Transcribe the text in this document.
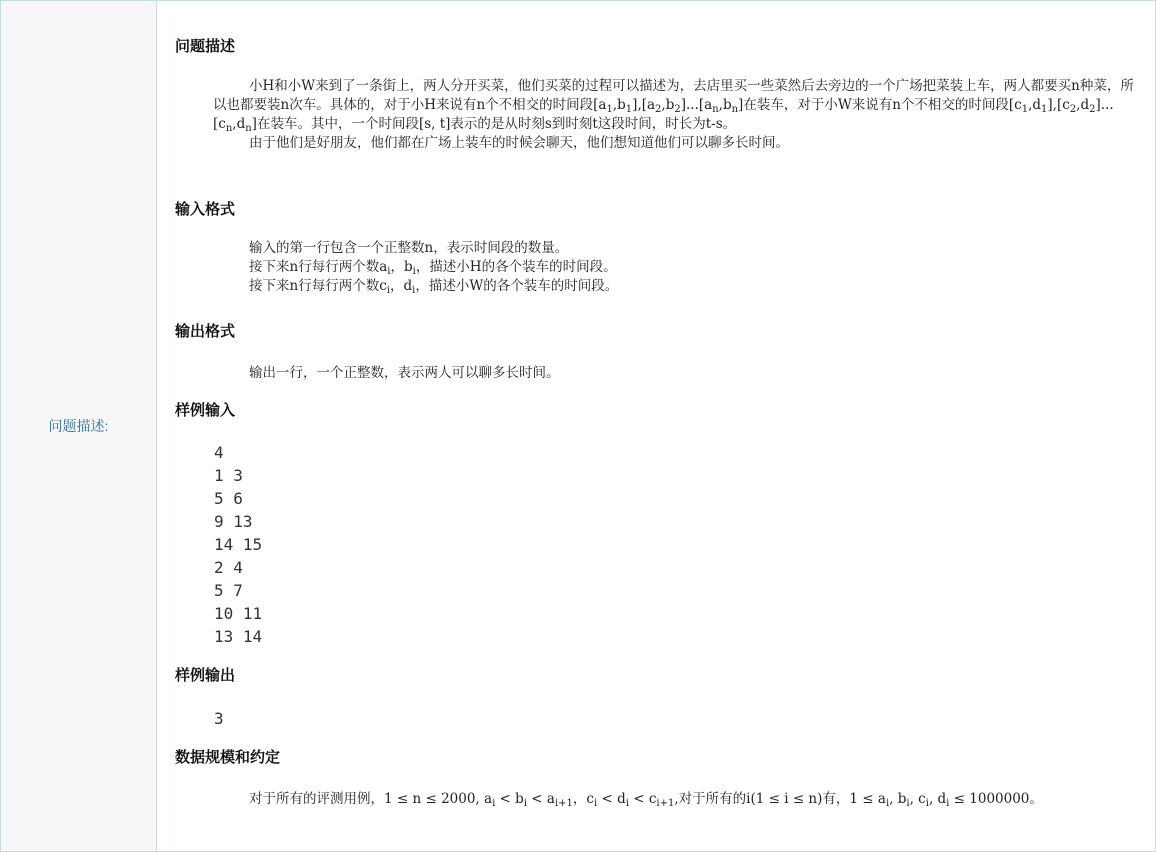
问题描述:
问题描述

小H和小W来到了一条街上，两人分开买菜，他们买菜的过程可以描述为，去店里买一些菜然后去旁边的一个广场把菜装上车，两人都要买n种菜，所以也都要装n次车。具体的，对于小H来说有n个不相交的时间段$[a_1,b_1],[a_2,b_2]...[a_n,b_n]$在装车，对于小W来说有n个不相交的时间段$[c_1,d_1],[c_2,d_2]...[c_n,d_n]$在装车。其中，一个时间段[s, t]表示的是从时刻s到时刻t这段时间，时长为t-s。

由于他们是好朋友，他们都在广场上装车的时候会聊天，他们想知道他们可以聊多长时间。

输入格式

输入的第一行包含一个正整数n，表示时间段的数量。

接下来n行每行两个数$a_i$，$b_i$，描述小H的各个装车的时间段。

接下来n行每行两个数$c_i$，$d_i$，描述小W的各个装车的时间段。

输出格式

输出一行，一个正整数，表示两人可以聊多长时间。

样例输入
4
1 3
5 6
9 13
14 15
2 4
5 7
10 11
13 14
样例输出
3
数据规模和约定

对于所有的评测用例，1 ≤ n ≤ 2000, $a_i < b_i < a_{i+1}$，$c_i < d_i < c_{i+1}$,对于所有的i(1 ≤ i ≤ n)有，$1 \le a_i$, $b_i$, $c_i$, $d_i \le 1000000$。
